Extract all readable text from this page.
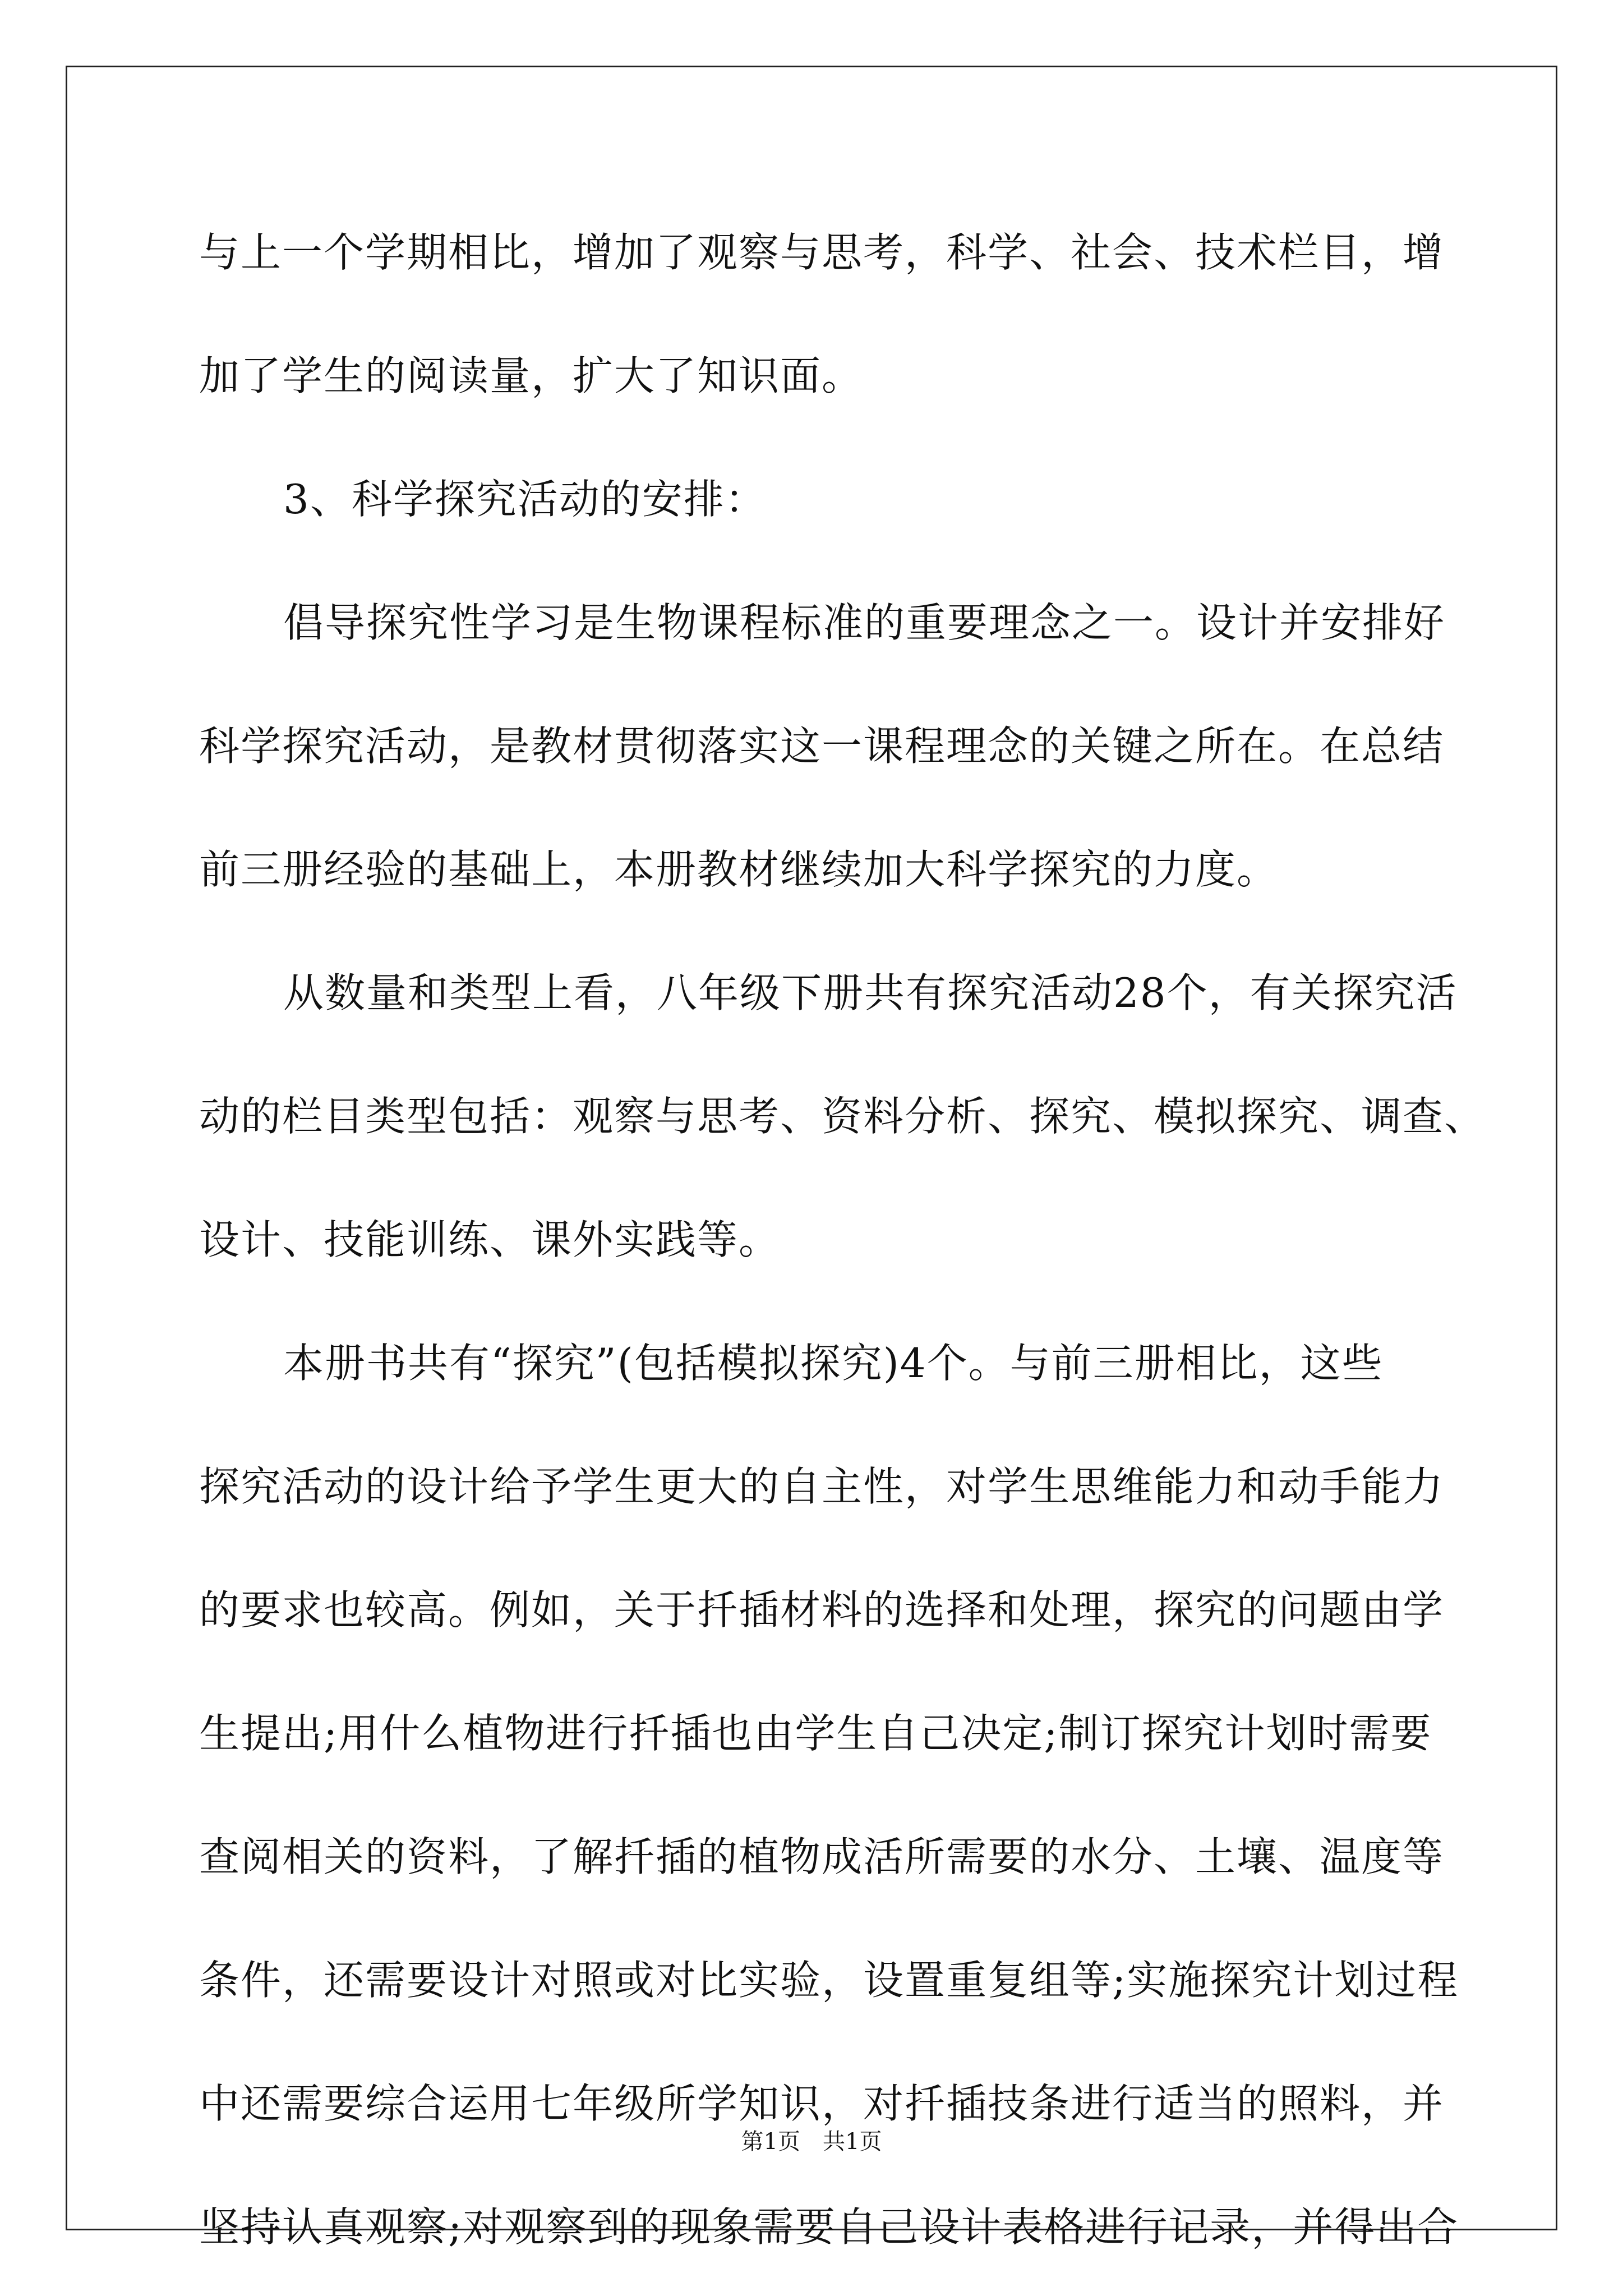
与上一个学期相比，增加了观察与思考，科学、社会、技术栏目，增
加了学生的阅读量，扩大了知识面。
3、科学探究活动的安排：
倡导探究性学习是生物课程标准的重要理念之一。设计并安排好
科学探究活动，是教材贯彻落实这一课程理念的关键之所在。在总结
前三册经验的基础上，本册教材继续加大科学探究的力度。
从数量和类型上看，八年级下册共有探究活动28个，有关探究活
动的栏目类型包括：观察与思考、资料分析、探究、模拟探究、调查、
设计、技能训练、课外实践等。
本册书共有“探究”(包括模拟探究)4个。与前三册相比，这些
探究活动的设计给予学生更大的自主性，对学生思维能力和动手能力
的要求也较高。例如，关于扦插材料的选择和处理，探究的问题由学
生提出;用什么植物进行扦插也由学生自己决定;制订探究计划时需要
查阅相关的资料，了解扦插的植物成活所需要的水分、土壤、温度等
条件，还需要设计对照或对比实验，设置重复组等;实施探究计划过程
中还需要综合运用七年级所学知识，对扦插技条进行适当的照料，并
坚持认真观察;对观察到的现象需要自己设计表格进行记录，并得出合
第1页　共1页
